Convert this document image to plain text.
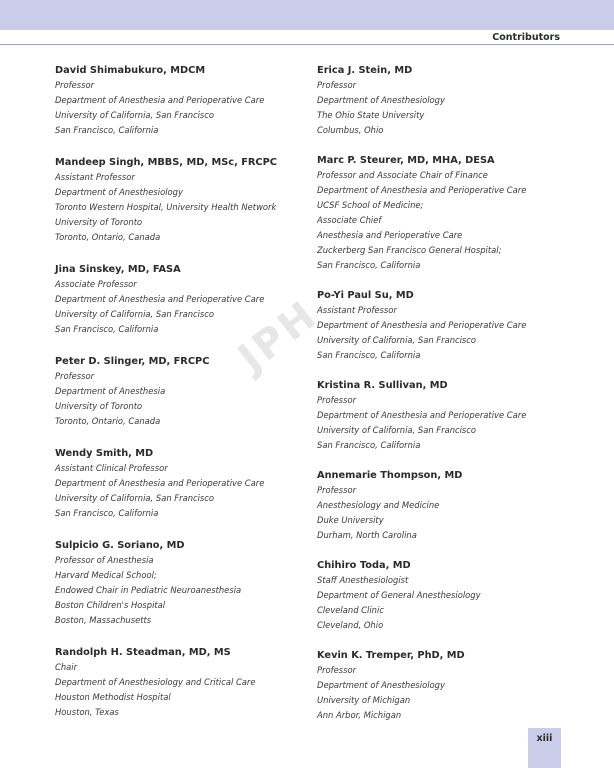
Contributors
JPH
David Shimabukuro, MDCM
Professor
Department of Anesthesia and Perioperative Care
University of California, San Francisco
San Francisco, California
Mandeep Singh, MBBS, MD, MSc, FRCPC
Assistant Professor
Department of Anesthesiology
Toronto Western Hospital, University Health Network
University of Toronto
Toronto, Ontario, Canada
Jina Sinskey, MD, FASA
Associate Professor
Department of Anesthesia and Perioperative Care
University of California, San Francisco
San Francisco, California
Peter D. Slinger, MD, FRCPC
Professor
Department of Anesthesia
University of Toronto
Toronto, Ontario, Canada
Wendy Smith, MD
Assistant Clinical Professor
Department of Anesthesia and Perioperative Care
University of California, San Francisco
San Francisco, California
Sulpicio G. Soriano, MD
Professor of Anesthesia
Harvard Medical School;
Endowed Chair in Pediatric Neuroanesthesia
Boston Children's Hospital
Boston, Massachusetts
Randolph H. Steadman, MD, MS
Chair
Department of Anesthesiology and Critical Care
Houston Methodist Hospital
Houston, Texas
Erica J. Stein, MD
Professor
Department of Anesthesiology
The Ohio State University
Columbus, Ohio
Marc P. Steurer, MD, MHA, DESA
Professor and Associate Chair of Finance
Department of Anesthesia and Perioperative Care
UCSF School of Medicine;
Associate Chief
Anesthesia and Perioperative Care
Zuckerberg San Francisco General Hospital;
San Francisco, California
Po-Yi Paul Su, MD
Assistant Professor
Department of Anesthesia and Perioperative Care
University of California, San Francisco
San Francisco, California
Kristina R. Sullivan, MD
Professor
Department of Anesthesia and Perioperative Care
University of California, San Francisco
San Francisco, California
Annemarie Thompson, MD
Professor
Anesthesiology and Medicine
Duke University
Durham, North Carolina
Chihiro Toda, MD
Staff Anesthesiologist
Department of General Anesthesiology
Cleveland Clinic
Cleveland, Ohio
Kevin K. Tremper, PhD, MD
Professor
Department of Anesthesiology
University of Michigan
Ann Arbor, Michigan
xiii
